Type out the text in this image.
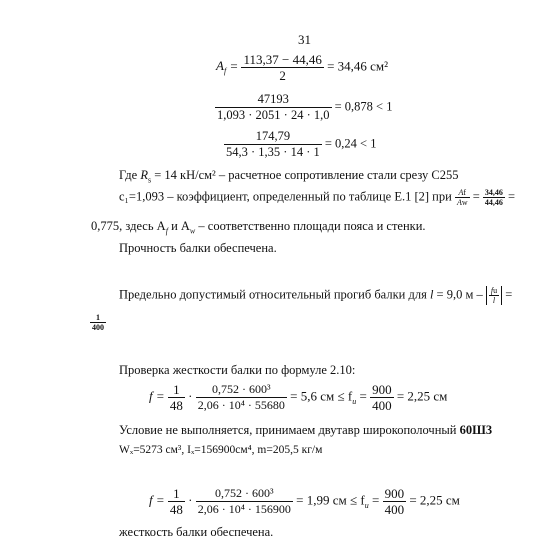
31
$A_f = \frac{113,37 - 44,46}{2} = 34,46$ см²
$\frac{47193}{1,093 \cdot 2051 \cdot 24 \cdot 1,0} = 0,878 < 1$
$\frac{174,79}{54,3 \cdot 1,35 \cdot 14 \cdot 1} = 0,24 < 1$
Где $R_s = 14$ кН/см² – расчетное сопротивление стали срезу С255
c₁=1,093 – коэффициент, определенный по таблице Е.1 [2] при $\frac{Af}{Aw} = \frac{34,46}{44,46}$ =
0,775, здесь $A_f$ и $A_w$ – соответственно площади пояса и стенки.
Прочность балки обеспечена.
Предельно допустимый относительный прогиб балки для l = 9,0 м – $\frac{fu}{l}$ =
$\frac{1}{400}$
Проверка жесткости балки по формуле 2.10:
$f = \frac{1}{48} \cdot \frac{\text{0,752 · 600³}}{\text{2,06 · 10⁴ · 55680}} = 5,6$ см ≤ $f_u = \frac{900}{400} = 2,25$ см
Условие не выполняется, принимаем двутавр широкополочный 60Ш3
Wₓ=5273 см³, Iₓ=156900см⁴, m=205,5 кг/м
$f = \frac{1}{48} \cdot \frac{\text{0,752 · 600³}}{\text{2,06 · 10⁴ · 156900}} = 1,99$ см ≤ $f_u = \frac{900}{400} = 2,25$ см
жесткость балки обеспечена.
